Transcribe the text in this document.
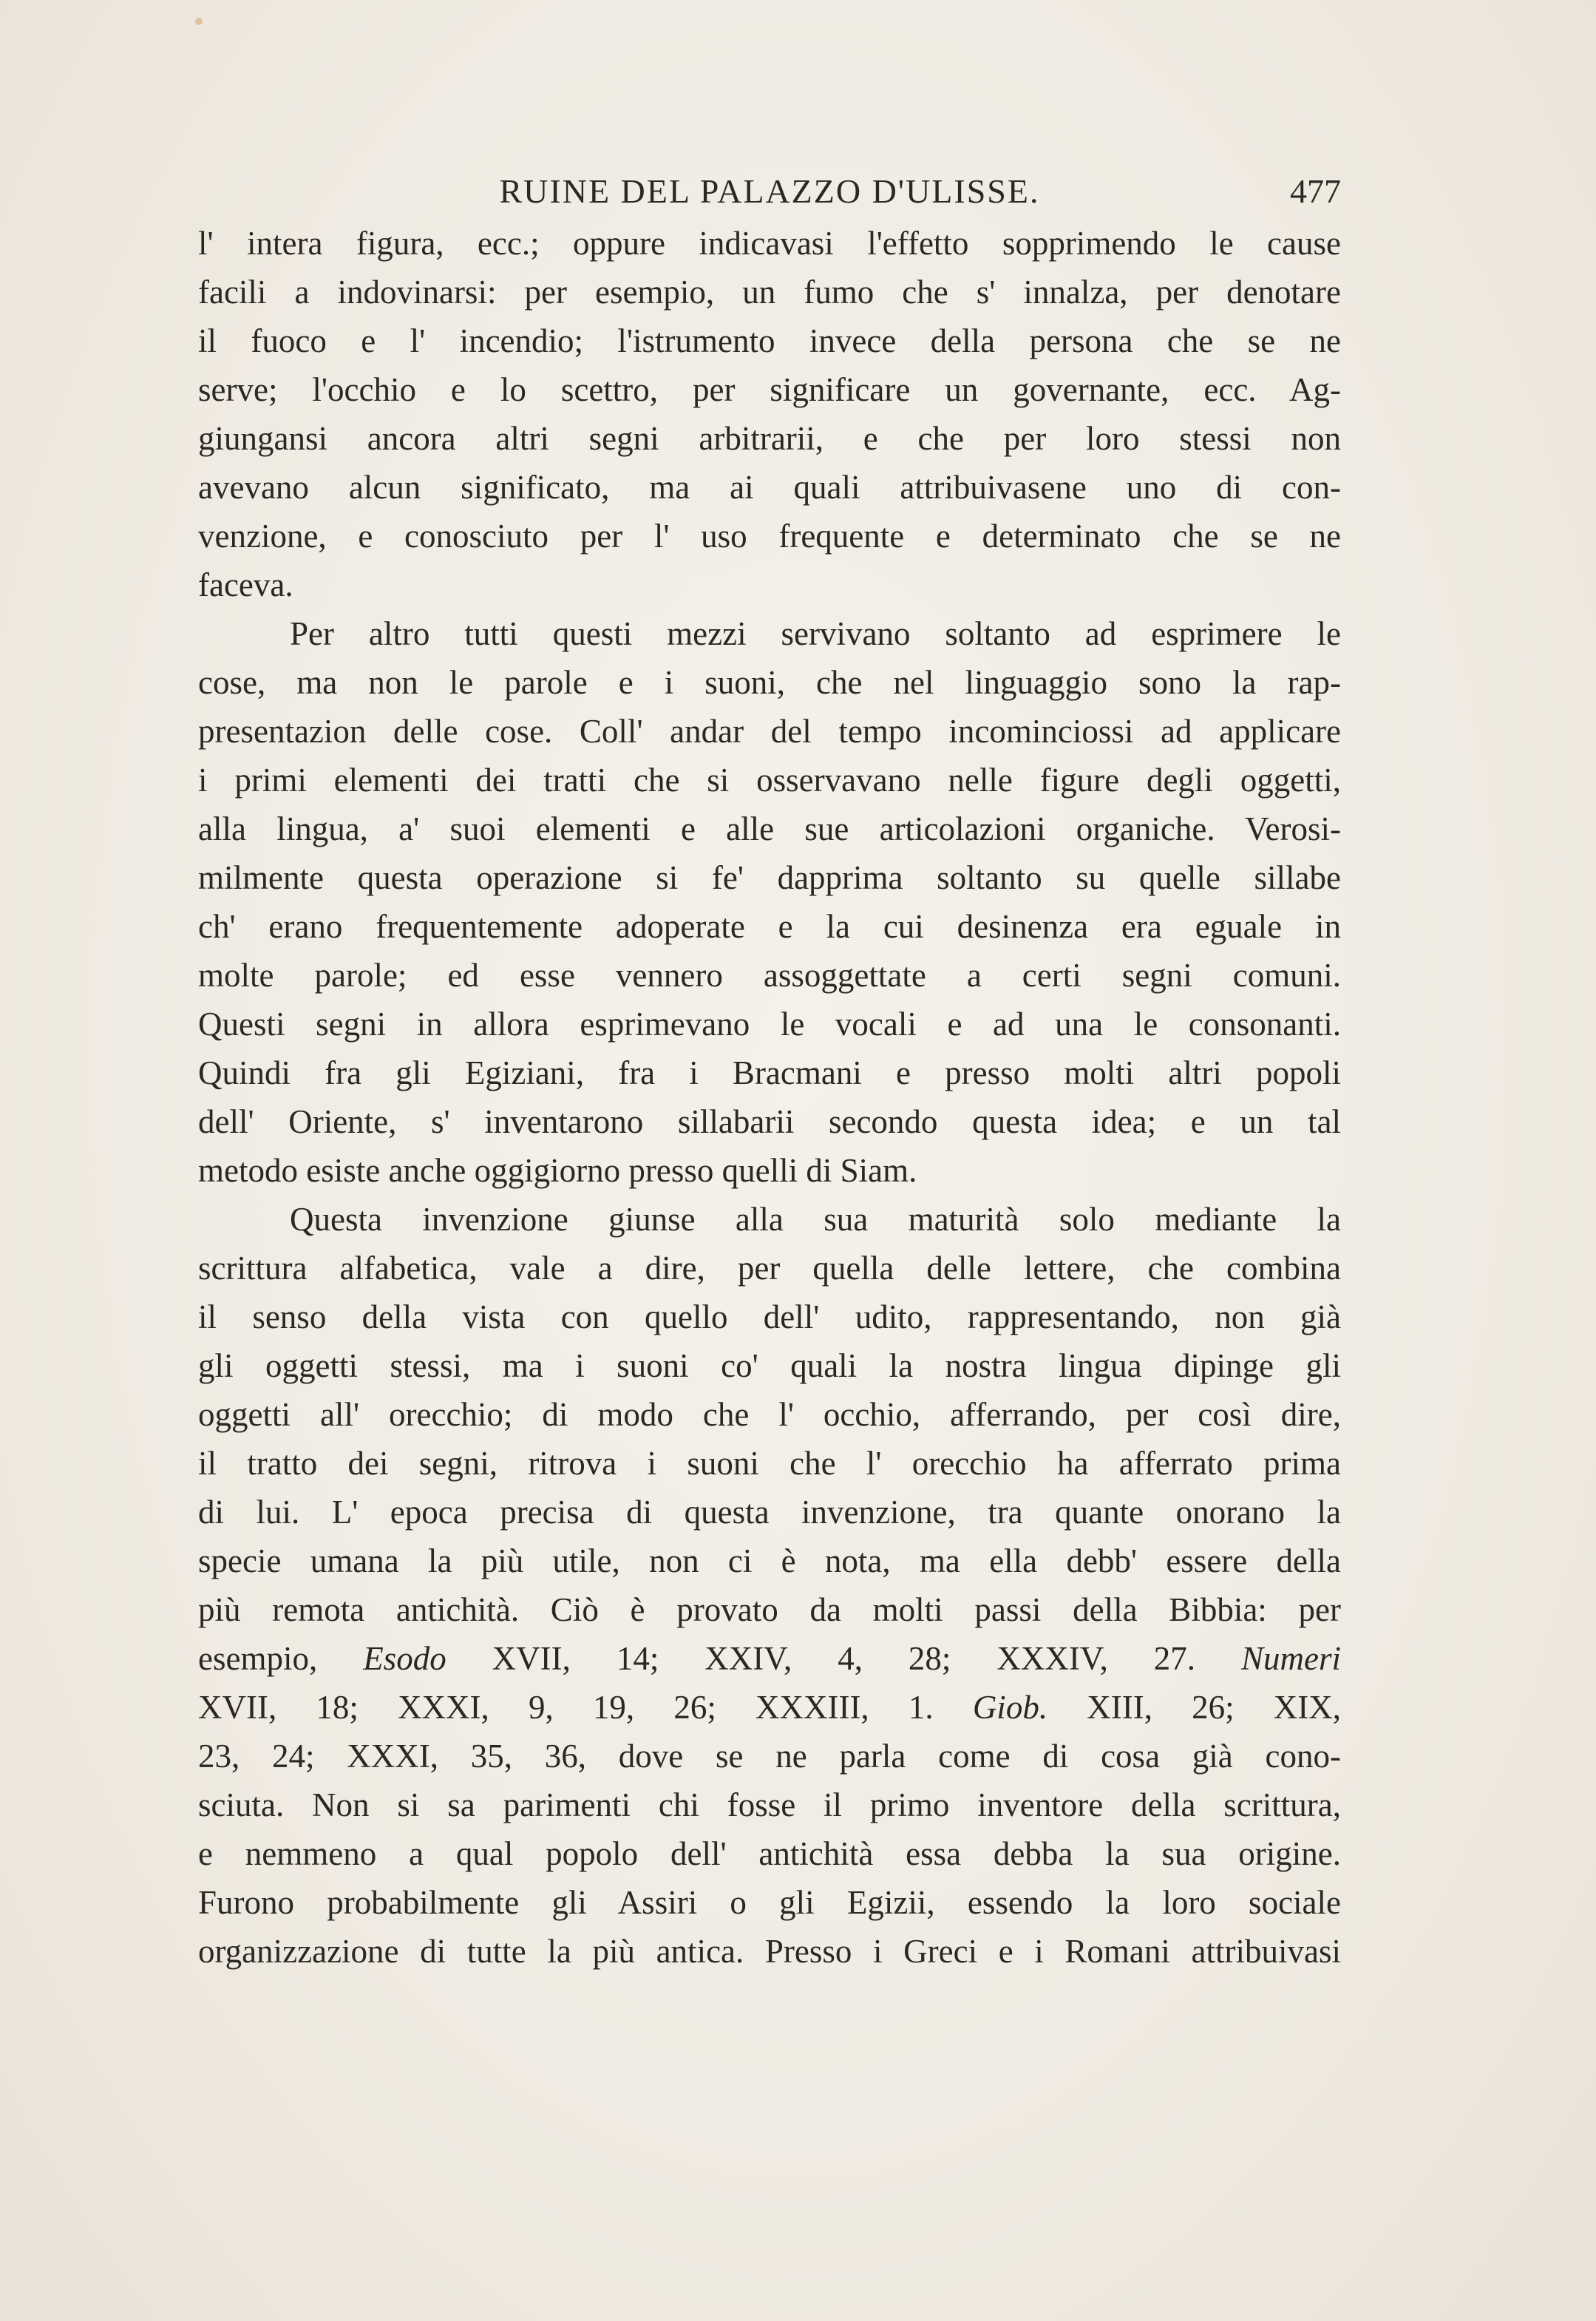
RUINE DEL PALAZZO D'ULISSE.	477
l' intera figura, ecc.; oppure indicavasi l'effetto sopprimendo le cause
facili a indovinarsi: per esempio, un fumo che s' innalza, per denotare
il fuoco e l' incendio; l'istrumento invece della persona che se ne
serve; l'occhio e lo scettro, per significare un governante, ecc. Ag-
giungansi ancora altri segni arbitrarii, e che per loro stessi non
avevano alcun significato, ma ai quali attribuivasene uno di con-
venzione, e conosciuto per l' uso frequente e determinato che se ne
faceva.
Per altro tutti questi mezzi servivano soltanto ad esprimere le
cose, ma non le parole e i suoni, che nel linguaggio sono la rap-
presentazion delle cose. Coll' andar del tempo incominciossi ad applicare
i primi elementi dei tratti che si osservavano nelle figure degli oggetti,
alla lingua, a' suoi elementi e alle sue articolazioni organiche. Verosi-
milmente questa operazione si fe' dapprima soltanto su quelle sillabe
ch' erano frequentemente adoperate e la cui desinenza era eguale in
molte parole; ed esse vennero assoggettate a certi segni comuni.
Questi segni in allora esprimevano le vocali e ad una le consonanti.
Quindi fra gli Egiziani, fra i Bracmani e presso molti altri popoli
dell' Oriente, s' inventarono sillabarii secondo questa idea; e un tal
metodo esiste anche oggigiorno presso quelli di Siam.
Questa invenzione giunse alla sua maturità solo mediante la
scrittura alfabetica, vale a dire, per quella delle lettere, che combina
il senso della vista con quello dell' udito, rappresentando, non già
gli oggetti stessi, ma i suoni co' quali la nostra lingua dipinge gli
oggetti all' orecchio; di modo che l' occhio, afferrando, per così dire,
il tratto dei segni, ritrova i suoni che l' orecchio ha afferrato prima
di lui. L' epoca precisa di questa invenzione, tra quante onorano la
specie umana la più utile, non ci è nota, ma ella debb' essere della
più remota antichità. Ciò è provato da molti passi della Bibbia: per
esempio, Esodo XVII, 14; XXIV, 4, 28; XXXIV, 27. Numeri
XVII, 18; XXXI, 9, 19, 26; XXXIII, 1. Giob. XIII, 26; XIX,
23, 24; XXXI, 35, 36, dove se ne parla come di cosa già cono-
sciuta. Non si sa parimenti chi fosse il primo inventore della scrittura,
e nemmeno a qual popolo dell' antichità essa debba la sua origine.
Furono probabilmente gli Assiri o gli Egizii, essendo la loro sociale
organizzazione di tutte la più antica. Presso i Greci e i Romani attribuivasi
